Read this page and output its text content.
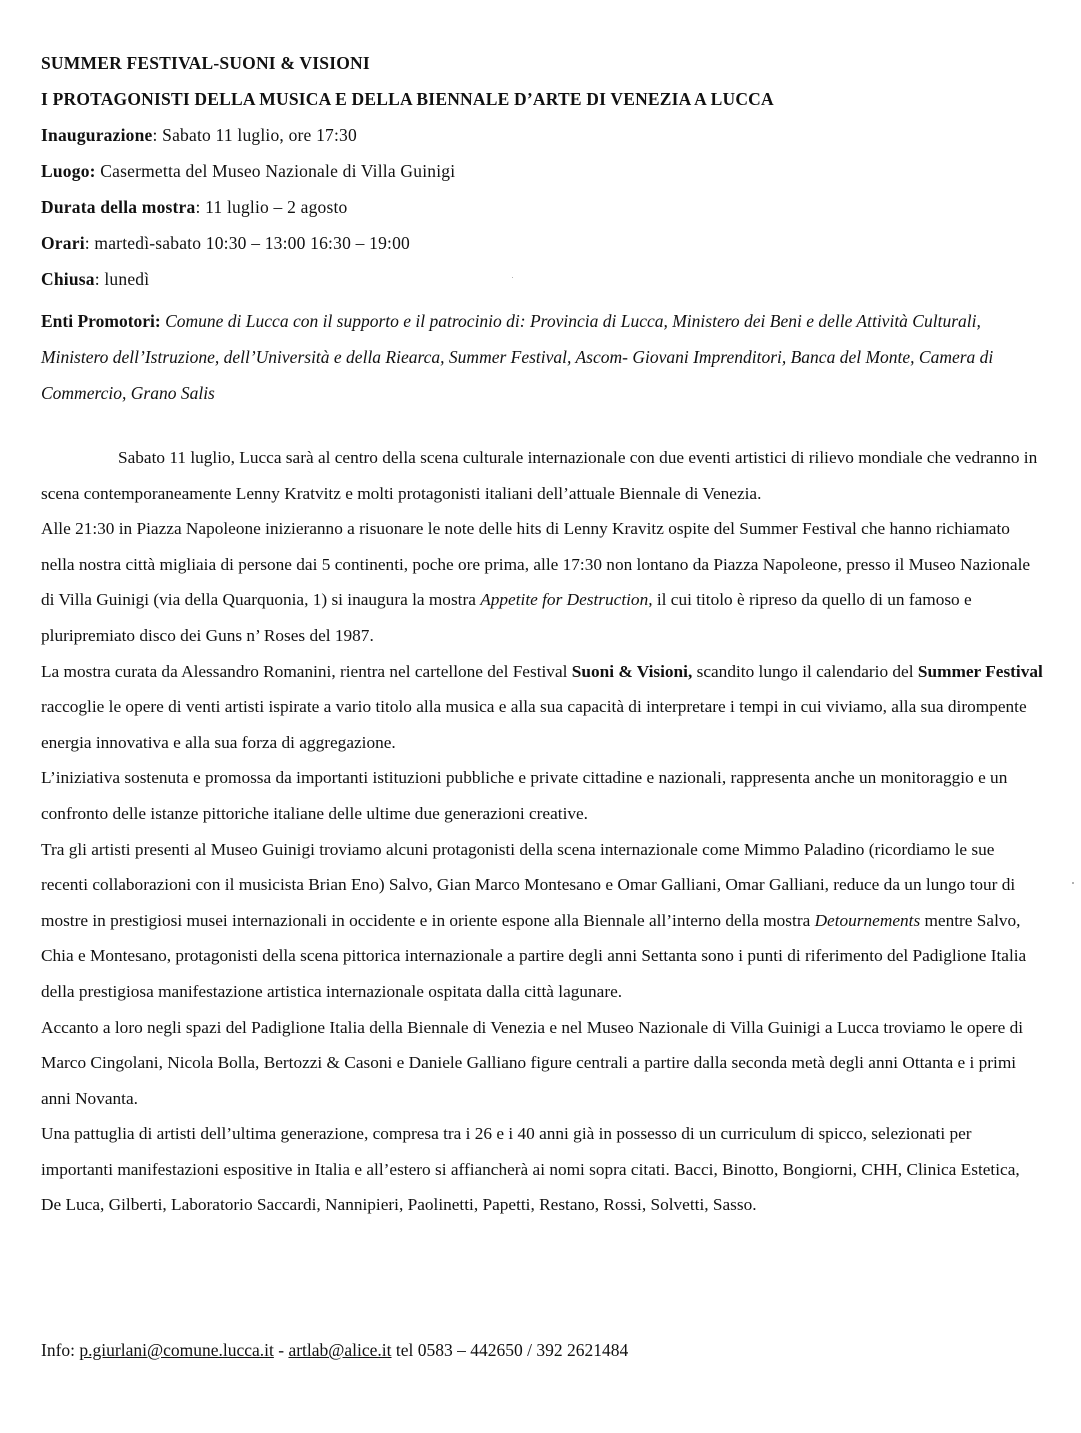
SUMMER FESTIVAL-SUONI & VISIONI
I PROTAGONISTI DELLA MUSICA E DELLA BIENNALE D’ARTE DI VENEZIA A LUCCA
Inaugurazione: Sabato 11 luglio, ore 17:30
Luogo: Casermetta del Museo Nazionale di Villa Guinigi
Durata della mostra: 11 luglio – 2 agosto
Orari: martedì-sabato 10:30 – 13:00 16:30 – 19:00
Chiusa: lunedì

Enti Promotori: Comune di Lucca con il supporto e il patrocinio di: Provincia di Lucca, Ministero dei Beni e delle Attività Culturali, Ministero dell’Istruzione, dell’Università e della Riearca, Summer Festival, Ascom- Giovani Imprenditori, Banca del Monte, Camera di Commercio, Grano Salis

Sabato 11 luglio, Lucca sarà al centro della scena culturale internazionale con due eventi artistici di rilievo mondiale che vedranno in scena contemporaneamente Lenny Kratvitz e molti protagonisti italiani dell’attuale Biennale di Venezia.

Alle 21:30 in Piazza Napoleone inizieranno a risuonare le note delle hits di Lenny Kravitz ospite del Summer Festival che hanno richiamato nella nostra città migliaia di persone dai 5 continenti, poche ore prima, alle 17:30 non lontano da Piazza Napoleone, presso il Museo Nazionale di Villa Guinigi (via della Quarquonia, 1) si inaugura la mostra Appetite for Destruction, il cui titolo è ripreso da quello di un famoso e pluripremiato disco dei Guns n’ Roses del 1987.

La mostra curata da Alessandro Romanini, rientra nel cartellone del Festival Suoni & Visioni, scandito lungo il calendario del Summer Festival raccoglie le opere di venti artisti ispirate a vario titolo alla musica e alla sua capacità di interpretare i tempi in cui viviamo, alla sua dirompente energia innovativa e alla sua forza di aggregazione.

L’iniziativa sostenuta e promossa da importanti istituzioni pubbliche e private cittadine e nazionali, rappresenta anche un monitoraggio e un confronto delle istanze pittoriche italiane delle ultime due generazioni creative.

Tra gli artisti presenti al Museo Guinigi troviamo alcuni protagonisti della scena internazionale come Mimmo Paladino (ricordiamo le sue recenti collaborazioni con il musicista Brian Eno) Salvo, Gian Marco Montesano e Omar Galliani, Omar Galliani, reduce da un lungo tour di mostre in prestigiosi musei internazionali in occidente e in oriente espone alla Biennale all’interno della mostra Detournements mentre Salvo, Chia e Montesano, protagonisti della scena pittorica internazionale a partire degli anni Settanta sono i punti di riferimento del Padiglione Italia della prestigiosa manifestazione artistica internazionale ospitata dalla città lagunare.

Accanto a loro negli spazi del Padiglione Italia della Biennale di Venezia e nel Museo Nazionale di Villa Guinigi a Lucca troviamo le opere di Marco Cingolani, Nicola Bolla, Bertozzi & Casoni e Daniele Galliano figure centrali a partire dalla seconda metà degli anni Ottanta e i primi anni Novanta.

Una pattuglia di artisti dell’ultima generazione, compresa tra i 26 e i 40 anni già in possesso di un curriculum di spicco, selezionati per importanti manifestazioni espositive in Italia e all’estero si affiancherà ai nomi sopra citati. Bacci, Binotto, Bongiorni, CHH, Clinica Estetica, De Luca, Gilberti, Laboratorio Saccardi, Nannipieri, Paolinetti, Papetti, Restano, Rossi, Solvetti, Sasso.

Info: p.giurlani@comune.lucca.it - artlab@alice.it tel 0583 – 442650 / 392 2621484
